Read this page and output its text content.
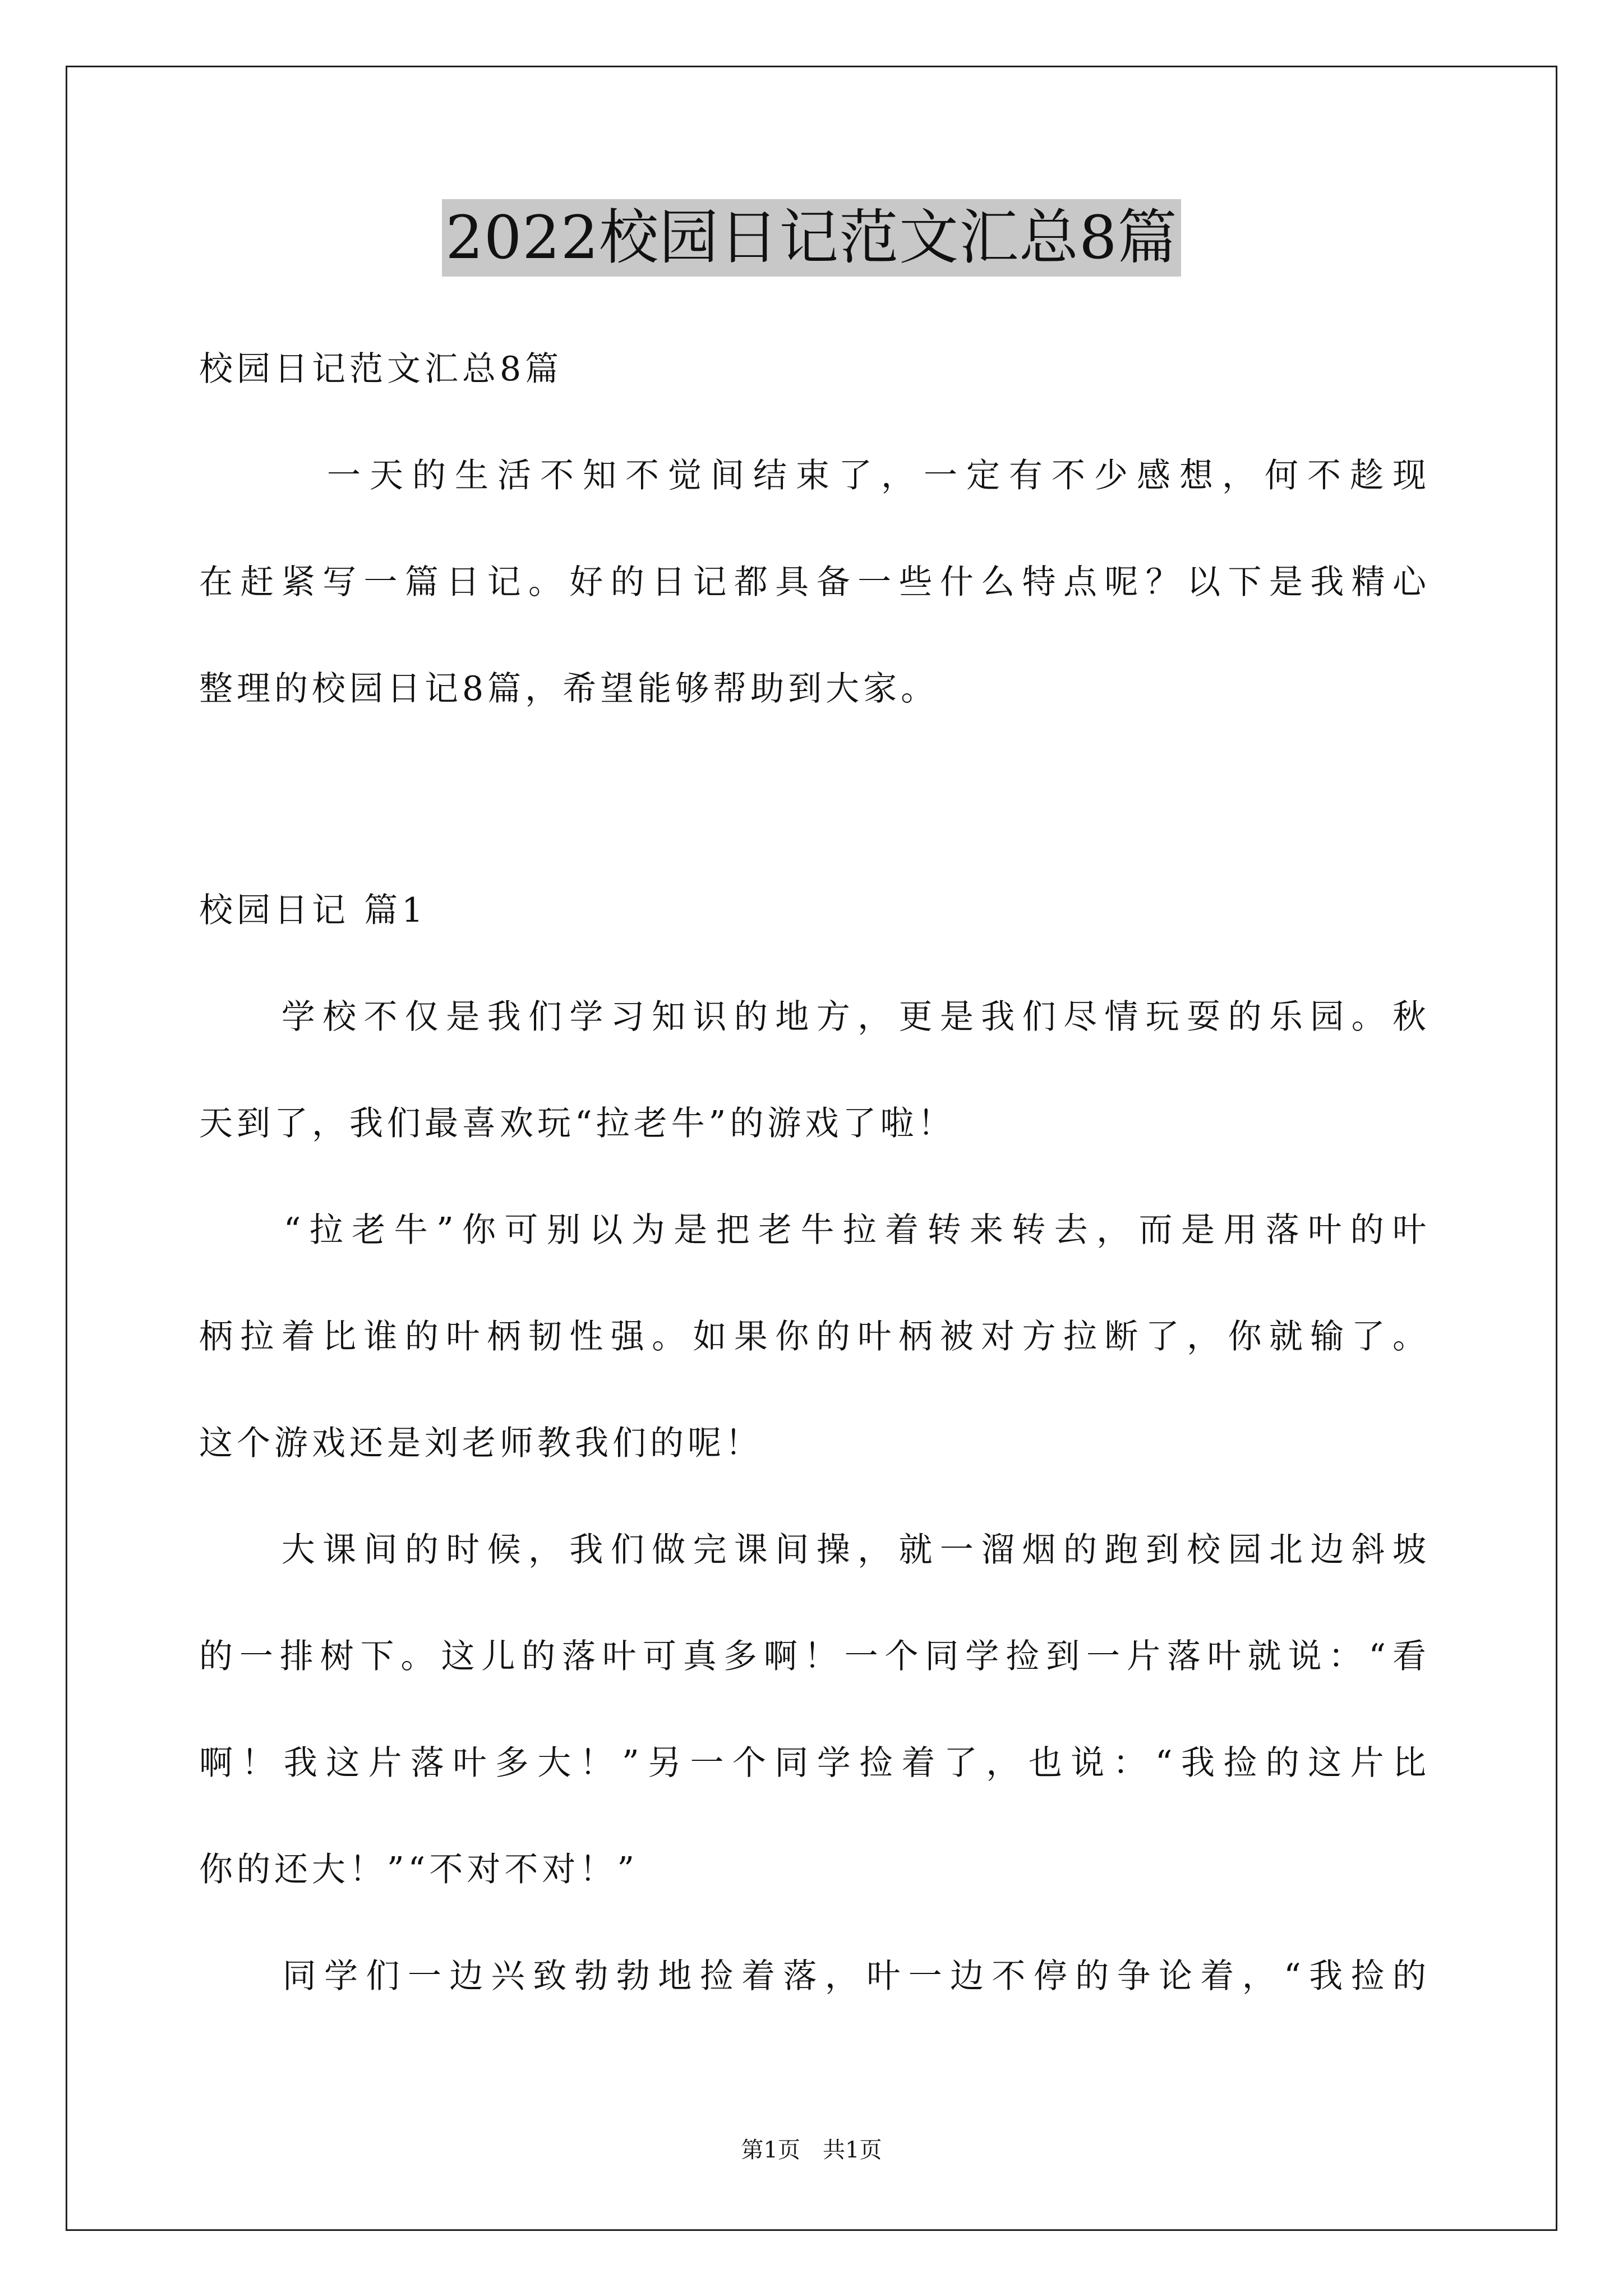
2022校园日记范文汇总8篇
校园日记范文汇总8篇
　　　一天的生活不知不觉间结束了，一定有不少感想，何不趁现
在赶紧写一篇日记。好的日记都具备一些什么特点呢？以下是我精心
整理的校园日记8篇，希望能够帮助到大家。
校园日记 篇1
　　学校不仅是我们学习知识的地方，更是我们尽情玩耍的乐园。秋
天到了，我们最喜欢玩“拉老牛”的游戏了啦！
　　“拉老牛”你可别以为是把老牛拉着转来转去，而是用落叶的叶
柄拉着比谁的叶柄韧性强。如果你的叶柄被对方拉断了，你就输了。
这个游戏还是刘老师教我们的呢！
　　大课间的时候，我们做完课间操，就一溜烟的跑到校园北边斜坡
的一排树下。这儿的落叶可真多啊！一个同学捡到一片落叶就说：“看
啊！我这片落叶多大！”另一个同学捡着了，也说：“我捡的这片比
你的还大！”“不对不对！”
　　同学们一边兴致勃勃地捡着落，叶一边不停的争论着，“我捡的
第1页　共1页
